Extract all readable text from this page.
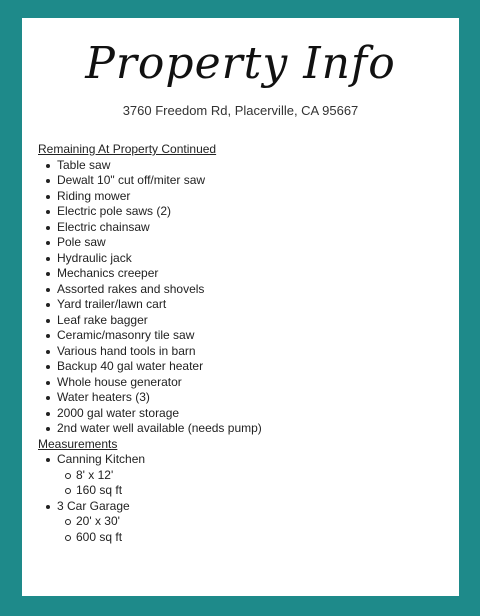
Property Info
3760 Freedom Rd, Placerville, CA 95667
Remaining At Property Continued
Table saw
Dewalt 10" cut off/miter saw
Riding mower
Electric pole saws (2)
Electric chainsaw
Pole saw
Hydraulic jack
Mechanics creeper
Assorted rakes and shovels
Yard trailer/lawn cart
Leaf rake bagger
Ceramic/masonry tile saw
Various hand tools in barn
Backup 40 gal water heater
Whole house generator
Water heaters (3)
2000 gal water storage
2nd water well available (needs pump)
Measurements
Canning Kitchen
8' x 12'
160 sq ft
3 Car Garage
20' x 30'
600 sq ft
